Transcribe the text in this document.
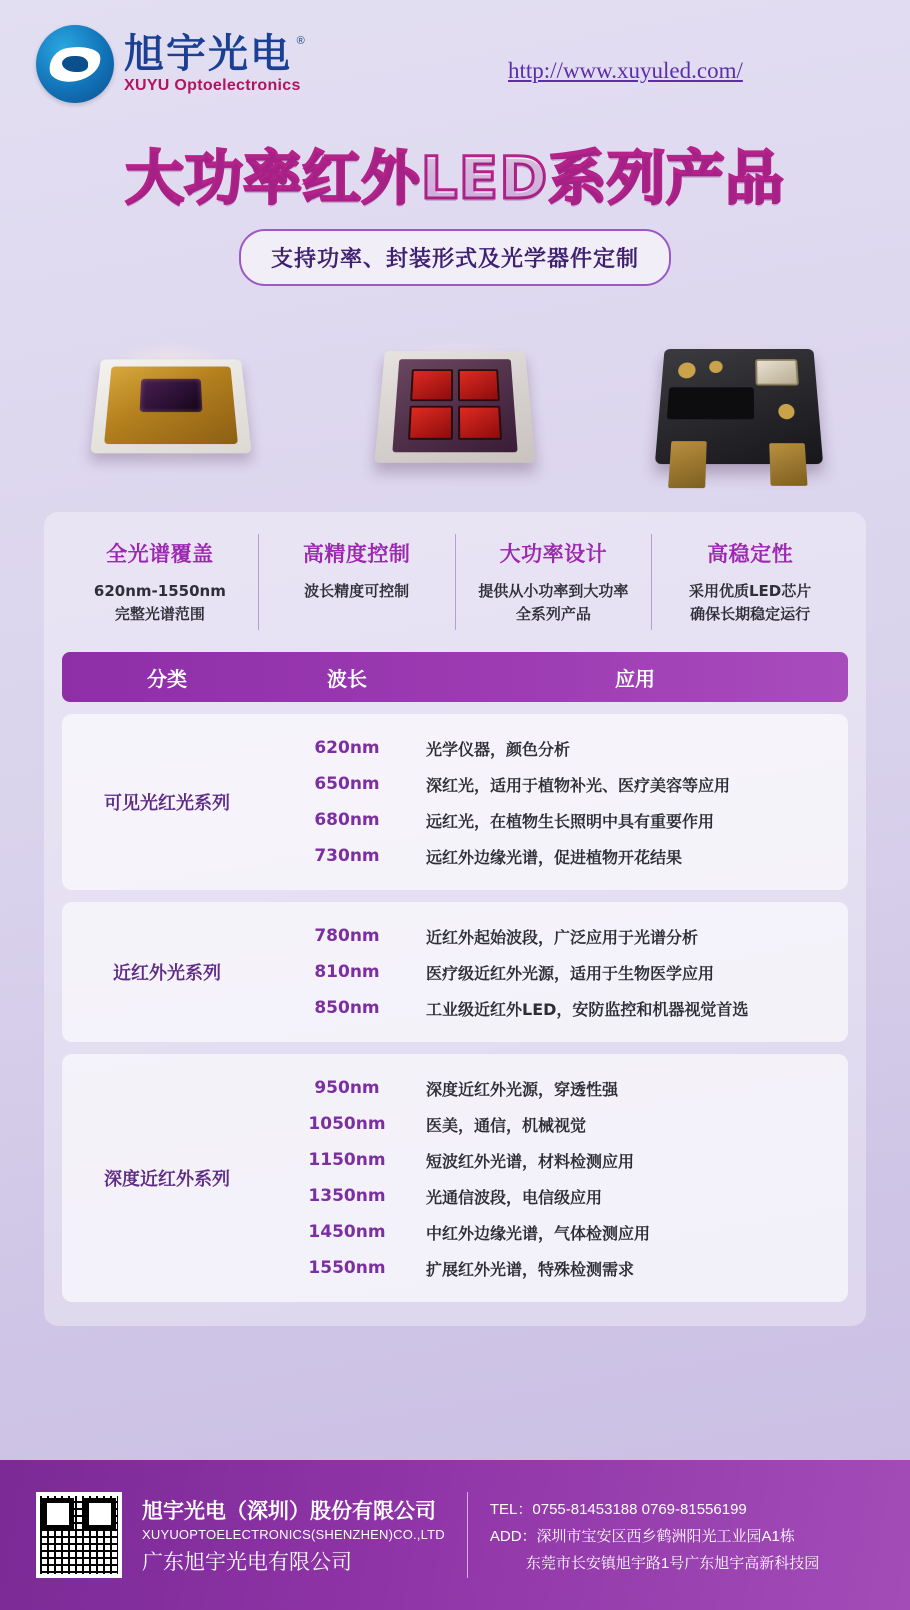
旭宇光电 ®
XUYU Optoelectronics
http://www.xuyuled.com/
大功率红外LED系列产品
支持功率、封装形式及光学器件定制
全光谱覆盖

620nm-1550nm
完整光谱范围

高精度控制

波长精度可控制

大功率设计

提供从小功率到大功率
全系列产品

高稳定性

采用优质LED芯片
确保长期稳定运行

分类	波长	应用
可见光红光系列
620nm	光学仪器，颜色分析
650nm	深红光，适用于植物补光、医疗美容等应用
680nm	远红光，在植物生长照明中具有重要作用
730nm	远红外边缘光谱，促进植物开花结果
近红外光系列
780nm	近红外起始波段，广泛应用于光谱分析
810nm	医疗级近红外光源，适用于生物医学应用
850nm	工业级近红外LED，安防监控和机器视觉首选
深度近红外系列
950nm	深度近红外光源，穿透性强
1050nm	医美，通信，机械视觉
1150nm	短波红外光谱，材料检测应用
1350nm	光通信波段，电信级应用
1450nm	中红外边缘光谱，气体检测应用
1550nm	扩展红外光谱，特殊检测需求
旭宇光电（深圳）股份有限公司
XUYUOPTOELECTRONICS(SHENZHEN)CO.,LTD
广东旭宇光电有限公司
TEL：0755-81453188 0769-81556199
ADD：深圳市宝安区西乡鹤洲阳光工业园A1栋
东莞市长安镇旭宇路1号广东旭宇高新科技园
